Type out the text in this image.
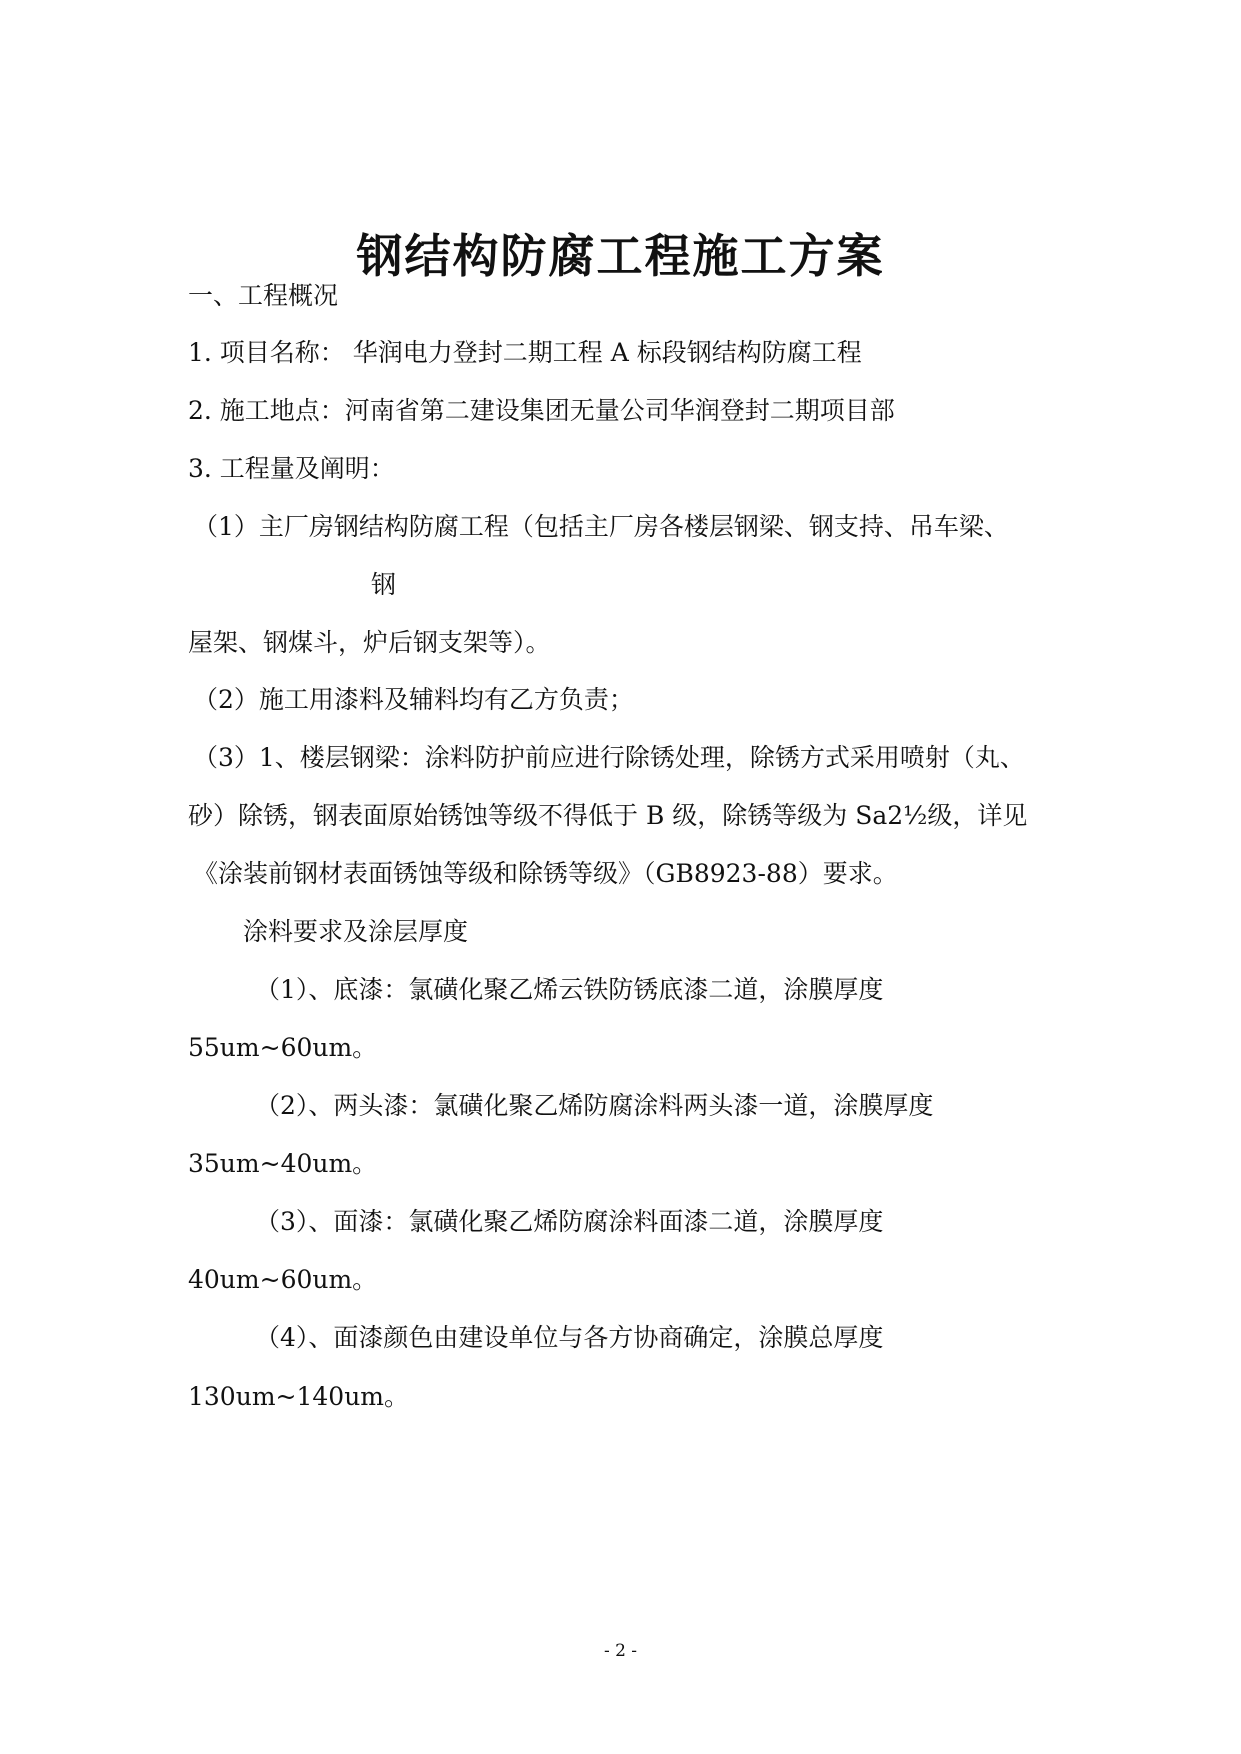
钢结构防腐工程施工方案
一、工程概况
1. 项目名称： 华润电力登封二期工程 A 标段钢结构防腐工程
2. 施工地点：河南省第二建设集团无量公司华润登封二期项目部
3. 工程量及阐明：
（1）主厂房钢结构防腐工程（包括主厂房各楼层钢梁、钢支持、吊车梁、
钢
屋架、钢煤斗，炉后钢支架等）。
（2）施工用漆料及辅料均有乙方负责；
（3）1、楼层钢梁：涂料防护前应进行除锈处理，除锈方式采用喷射（丸、
砂）除锈，钢表面原始锈蚀等级不得低于 B 级，除锈等级为 Sa2½级，详见
《涂装前钢材表面锈蚀等级和除锈等级》（GB8923-88）要求。
涂料要求及涂层厚度
（1）、底漆：氯磺化聚乙烯云铁防锈底漆二道，涂膜厚度
55um~60um。
（2）、两头漆：氯磺化聚乙烯防腐涂料两头漆一道，涂膜厚度
35um~40um。
（3）、面漆：氯磺化聚乙烯防腐涂料面漆二道，涂膜厚度
40um~60um。
（4）、面漆颜色由建设单位与各方协商确定，涂膜总厚度
130um~140um。
- 2 -
